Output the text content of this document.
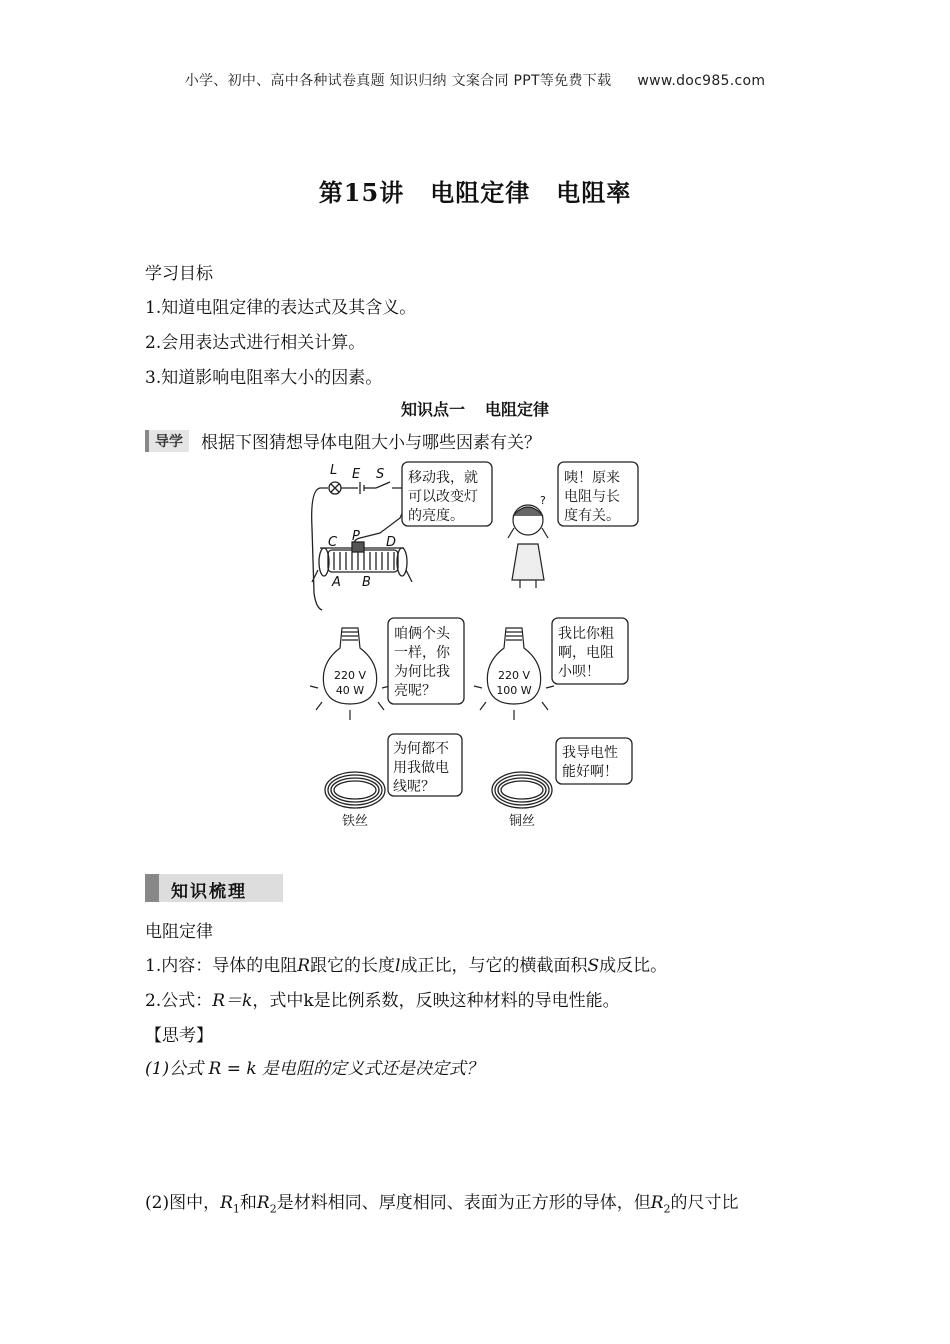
小学、初中、高中各种试卷真题 知识归纳 文案合同 PPT等免费下载 www.doc985.com
第15讲 电阻定律 电阻率
学习目标
1.知道电阻定律的表达式及其含义。
2.会用表达式进行相关计算。
3.知道影响电阻率大小的因素。
知识点一 电阻定律
导学	根据下图猜想导体电阻大小与哪些因素有关？
L E S
C P D
A B
移动我，就
可以改变灯
的亮度。
?
咦！原来
电阻与长
度有关。
220 V
40 W
咱俩个头
一样，你
为何比我
亮呢？
220 V
100 W
我比你粗
啊，电阻
小呗！
铁丝
为何都不
用我做电
线呢？
铜丝
我导电性
能好啊！
知识梳理
电阻定律
1.内容：导体的电阻R跟它的长度l成正比，与它的横截面积S成反比。
2.公式：R＝k，式中k是比例系数，反映这种材料的导电性能。
【思考】
(1)公式 R = k 是电阻的定义式还是决定式？
(2)图中，$R_1$和$R_2$是材料相同、厚度相同、表面为正方形的导体，但$R_2$的尺寸比
